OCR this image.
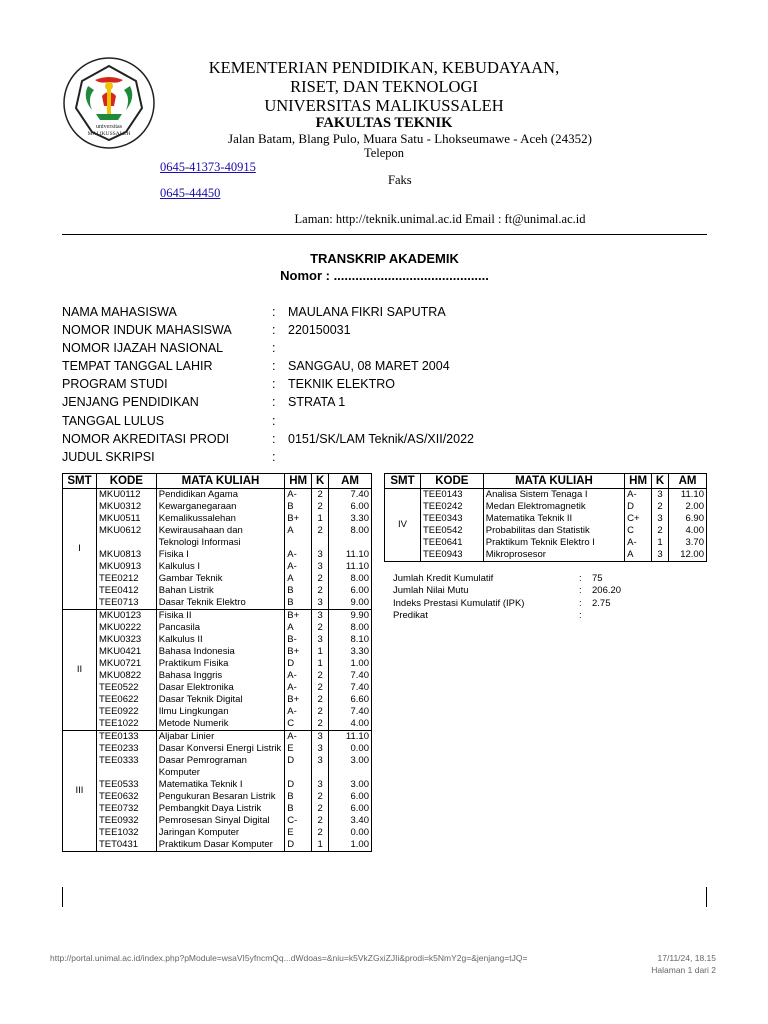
universitas
MALIKUSSALEH
KEMENTERIAN PENDIDIKAN, KEBUDAYAAN,
RISET, DAN TEKNOLOGI
UNIVERSITAS MALIKUSSALEH
FAKULTAS TEKNIK
Jalan Batam, Blang Pulo, Muara Satu - Lhokseumawe - Aceh (24352)
Telepon
0645-41373-40915
Faks
0645-44450
Laman: http://teknik.unimal.ac.id Email : ft@unimal.ac.id
TRANSKRIP AKADEMIK
Nomor : ...........................................
NAMA MAHASISWA	: MAULANA FIKRI SAPUTRA
NOMOR INDUK MAHASISWA	: 220150031
NOMOR IJAZAH NASIONAL	:
TEMPAT TANGGAL LAHIR	: SANGGAU, 08 MARET 2004
PROGRAM STUDI	: TEKNIK ELEKTRO
JENJANG PENDIDIKAN	: STRATA 1
TANGGAL LULUS	:
NOMOR AKREDITASI PRODI	: 0151/SK/LAM Teknik/AS/XII/2022
JUDUL SKRIPSI	:
SMT	KODE	MATA KULIAH	HM	K	AM
I	MKU0112	Pendidikan Agama	A-	2	7.40
	MKU0312	Kewarganegaraan	B	2	6.00
	MKU0511	Kemalikussalehan	B+	1	3.30
	MKU0612	Kewirausahaan dan Teknologi Informasi	A	2	8.00
	MKU0813	Fisika I	A-	3	11.10
	MKU0913	Kalkulus I	A-	3	11.10
	TEE0212	Gambar Teknik	A	2	8.00
	TEE0412	Bahan Listrik	B	2	6.00
	TEE0713	Dasar Teknik Elektro	B	3	9.00
II	MKU0123	Fisika II	B+	3	9.90
	MKU0222	Pancasila	A	2	8.00
	MKU0323	Kalkulus II	B-	3	8.10
	MKU0421	Bahasa Indonesia	B+	1	3.30
	MKU0721	Praktikum Fisika	D	1	1.00
	MKU0822	Bahasa Inggris	A-	2	7.40
	TEE0522	Dasar Elektronika	A-	2	7.40
	TEE0622	Dasar Teknik Digital	B+	2	6.60
	TEE0922	Ilmu Lingkungan	A-	2	7.40
	TEE1022	Metode Numerik	C	2	4.00
III	TEE0133	Aljabar Linier	A-	3	11.10
	TEE0233	Dasar Konversi Energi Listrik	E	3	0.00
	TEE0333	Dasar Pemrograman Komputer	D	3	3.00
	TEE0533	Matematika Teknik I	D	3	3.00
	TEE0632	Pengukuran Besaran Listrik	B	2	6.00
	TEE0732	Pembangkit Daya Listrik	B	2	6.00
	TEE0932	Pemrosesan Sinyal Digital	C-	2	3.40
	TEE1032	Jaringan Komputer	E	2	0.00
	TET0431	Praktikum Dasar Komputer	D	1	1.00
SMT	KODE	MATA KULIAH	HM	K	AM
IV	TEE0143	Analisa Sistem Tenaga I	A-	3	11.10
	TEE0242	Medan Elektromagnetik	D	2	2.00
	TEE0343	Matematika Teknik II	C+	3	6.90
	TEE0542	Probabilitas dan Statistik	C	2	4.00
	TEE0641	Praktikum Teknik Elektro I	A-	1	3.70
	TEE0943	Mikroprosesor	A	3	12.00
Jumlah Kredit Kumulatif	: 75
Jumlah Nilai Mutu	: 206.20
Indeks Prestasi Kumulatif (IPK)	: 2.75
Predikat	:
http://portal.unimal.ac.id/index.php?pModule=wsaVI5yfncmQq...dWdoas=&niu=k5VkZGxiZJIi&prodi=k5NmY2g=&jenjang=tJQ=	17/11/24, 18.15
Halaman 1 dari 2
